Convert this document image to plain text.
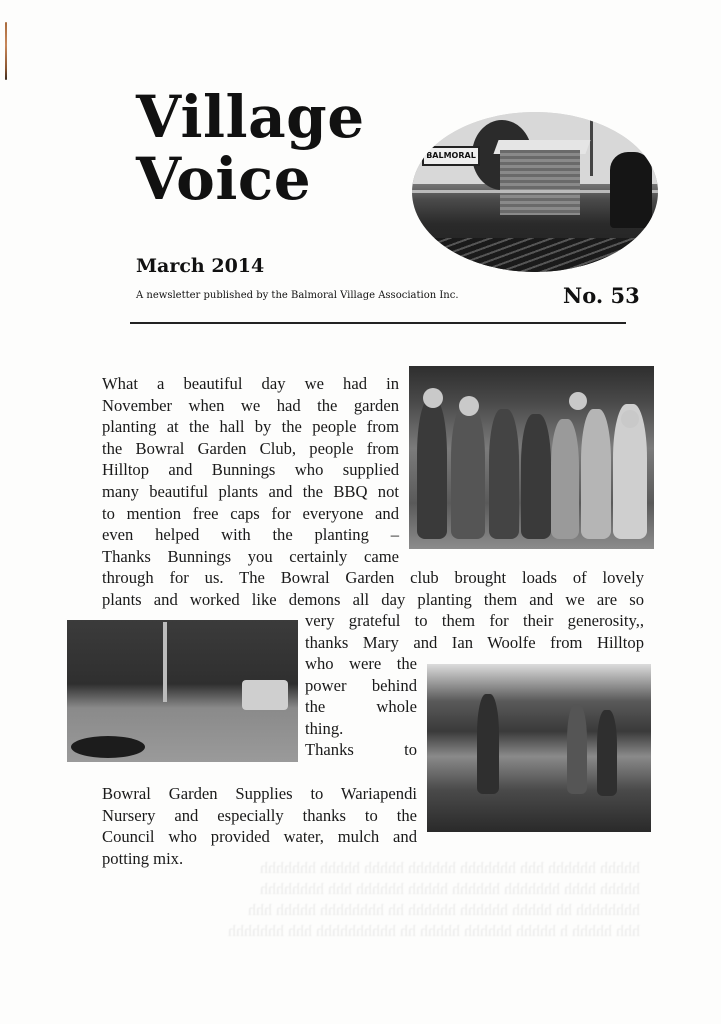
Village
Voice	BALMORAL
March 2014
A newsletter published by the Balmoral Village Association Inc.	No. 53
What a beautiful day we had in
November when we had the garden
planting at the hall by the people from
the Bowral Garden Club, people from
Hilltop and Bunnings who supplied
many beautiful plants and the BBQ not
to mention free caps for everyone and
even helped with the planting –
Thanks Bunnings you certainly came
through for us. The Bowral Garden club brought loads of lovely
plants and worked like demons all day planting them and we are so
very grateful to them for their generosity,,
thanks Mary and Ian Woolfe from Hilltop
who were the
power behind
the whole
thing.
Thanks to
Bowral Garden Supplies to Wariapendi
Nursery and especially thanks to the
Council who provided water, mulch and
potting mix.
hhhhh hhhhhh hhh hhhhhhh hhhhhh hhhhh hhhhh hhhhhhh
hhhhh hhhh hhhhhhh hhhhhh hhhhh hhhhhh hhh hhhhhhhh
hhhhhhhh hh hhhhh hhhhhh hhhhhh hh hhhhhhhh hhhhh hhh
hhh hhhhh h hhhhh hhhhhh hhhhh hh hhhhhhhhhh hhh hhhhhhh
